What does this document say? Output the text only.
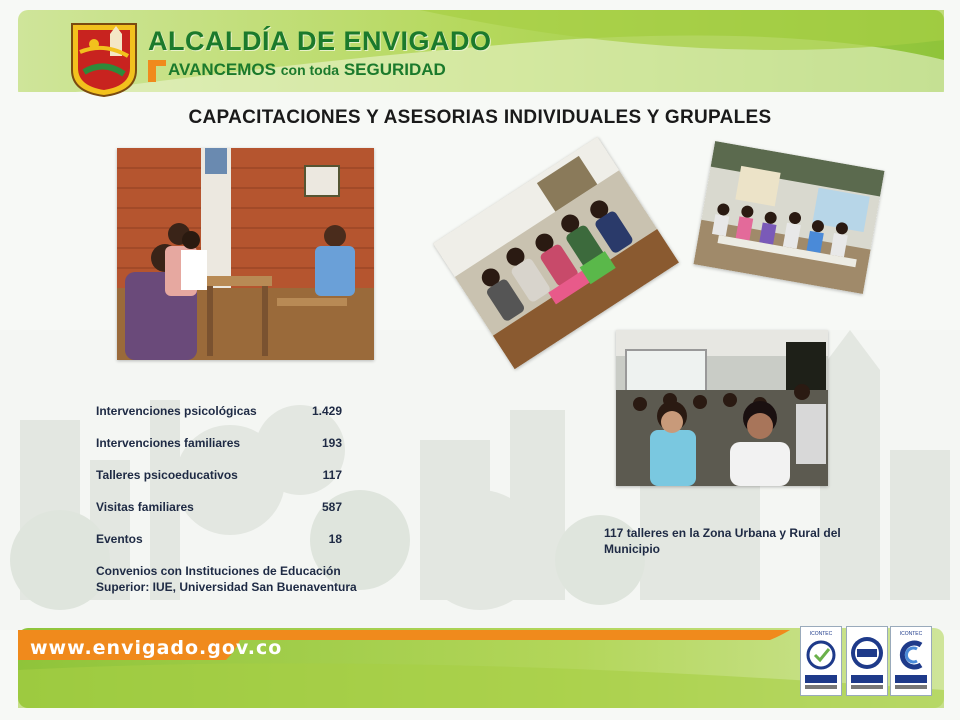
ALCALDÍA DE ENVIGADO
AVANCEMOS con toda SEGURIDAD
CAPACITACIONES Y ASESORIAS INDIVIDUALES Y GRUPALES
Intervenciones psicológicas	1.429
Intervenciones familiares	193
Talleres psicoeducativos	117
Visitas familiares	587
Eventos	18
Convenios con Instituciones de Educación Superior: IUE, Universidad San Buenaventura
117 talleres en la Zona Urbana y Rural del Municipio
www.envigado.gov.co
ICONTEC	ICONTEC
